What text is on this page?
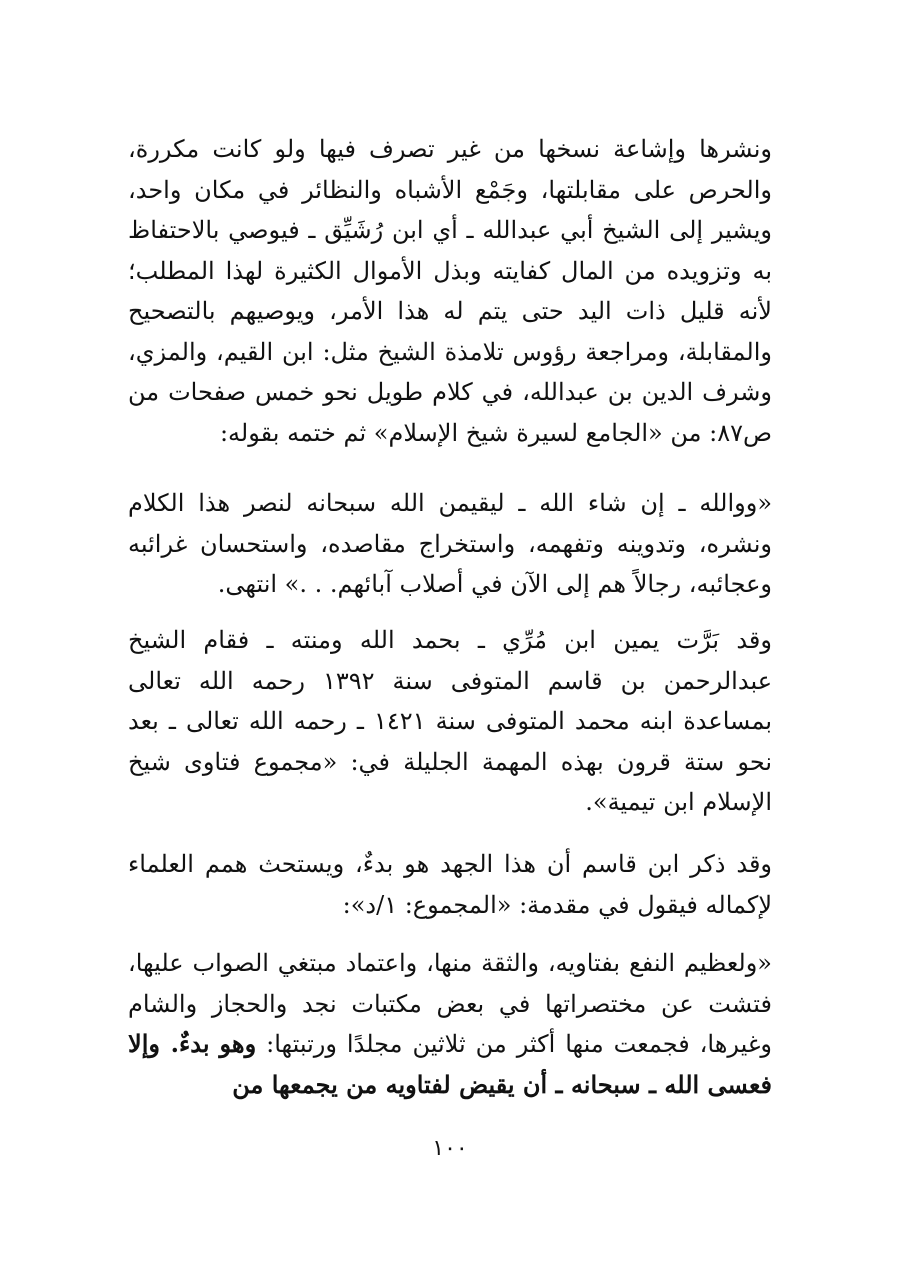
ونشرها وإشاعة نسخها من غير تصرف فيها ولو كانت مكررة، والحرص على مقابلتها، وجَمْع الأشباه والنظائر في مكان واحد، ويشير إلى الشيخ أبي عبدالله ـ أي ابن رُشَيِّق ـ فيوصي بالاحتفاظ به وتزويده من المال كفايته وبذل الأموال الكثيرة لهذا المطلب؛ لأنه قليل ذات اليد حتى يتم له هذا الأمر، ويوصيهم بالتصحيح والمقابلة، ومراجعة رؤوس تلامذة الشيخ مثل: ابن القيم، والمزي، وشرف الدين بن عبدالله، في كلام طويل نحو خمس صفحات من ص٨٧: من «الجامع لسيرة شيخ الإسلام» ثم ختمه بقوله:

«ووالله ـ إن شاء الله ـ ليقيمن الله سبحانه لنصر هذا الكلام ونشره، وتدوينه وتفهمه، واستخراج مقاصده، واستحسان غرائبه وعجائبه، رجالاً هم إلى الآن في أصلاب آبائهم. . .» انتهى.

وقد بَرَّت يمين ابن مُرِّي ـ بحمد الله ومنته ـ فقام الشيخ عبدالرحمن بن قاسم المتوفى سنة ١٣٩٢ رحمه الله تعالى بمساعدة ابنه محمد المتوفى سنة ١٤٢١ ـ رحمه الله تعالى ـ بعد نحو ستة قرون بهذه المهمة الجليلة في: «مجموع فتاوى شيخ الإسلام ابن تيمية».

وقد ذكر ابن قاسم أن هذا الجهد هو بدءٌ، ويستحث همم العلماء لإكماله فيقول في مقدمة: «المجموع: ١/د»:

«ولعظيم النفع بفتاويه، والثقة منها، واعتماد مبتغي الصواب عليها، فتشت عن مختصراتها في بعض مكتبات نجد والحجاز والشام وغيرها، فجمعت منها أكثر من ثلاثين مجلدًا ورتبتها: وهو بدءٌ. وإلا فعسى الله ـ سبحانه ـ أن يقيض لفتاويه من يجمعها من

١٠٠
